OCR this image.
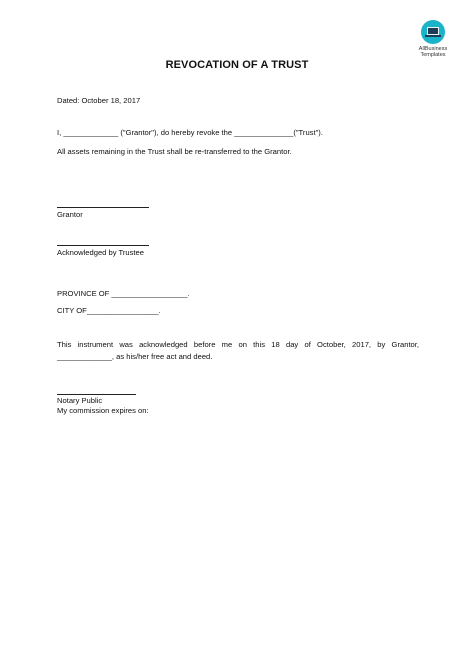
AllBusiness
Templates
REVOCATION OF A TRUST
Dated: October 18, 2017
I, _____________ ("Grantor"), do hereby revoke the ______________("Trust").
All assets remaining in the Trust shall be re-transferred to the Grantor.
Grantor
Acknowledged by Trustee
PROVINCE OF __________________.
CITY OF_________________.
This instrument was acknowledged before me on this 18 day of October, 2017, by Grantor,
_____________, as his/her free act and deed.
Notary Public
My commission expires on:
